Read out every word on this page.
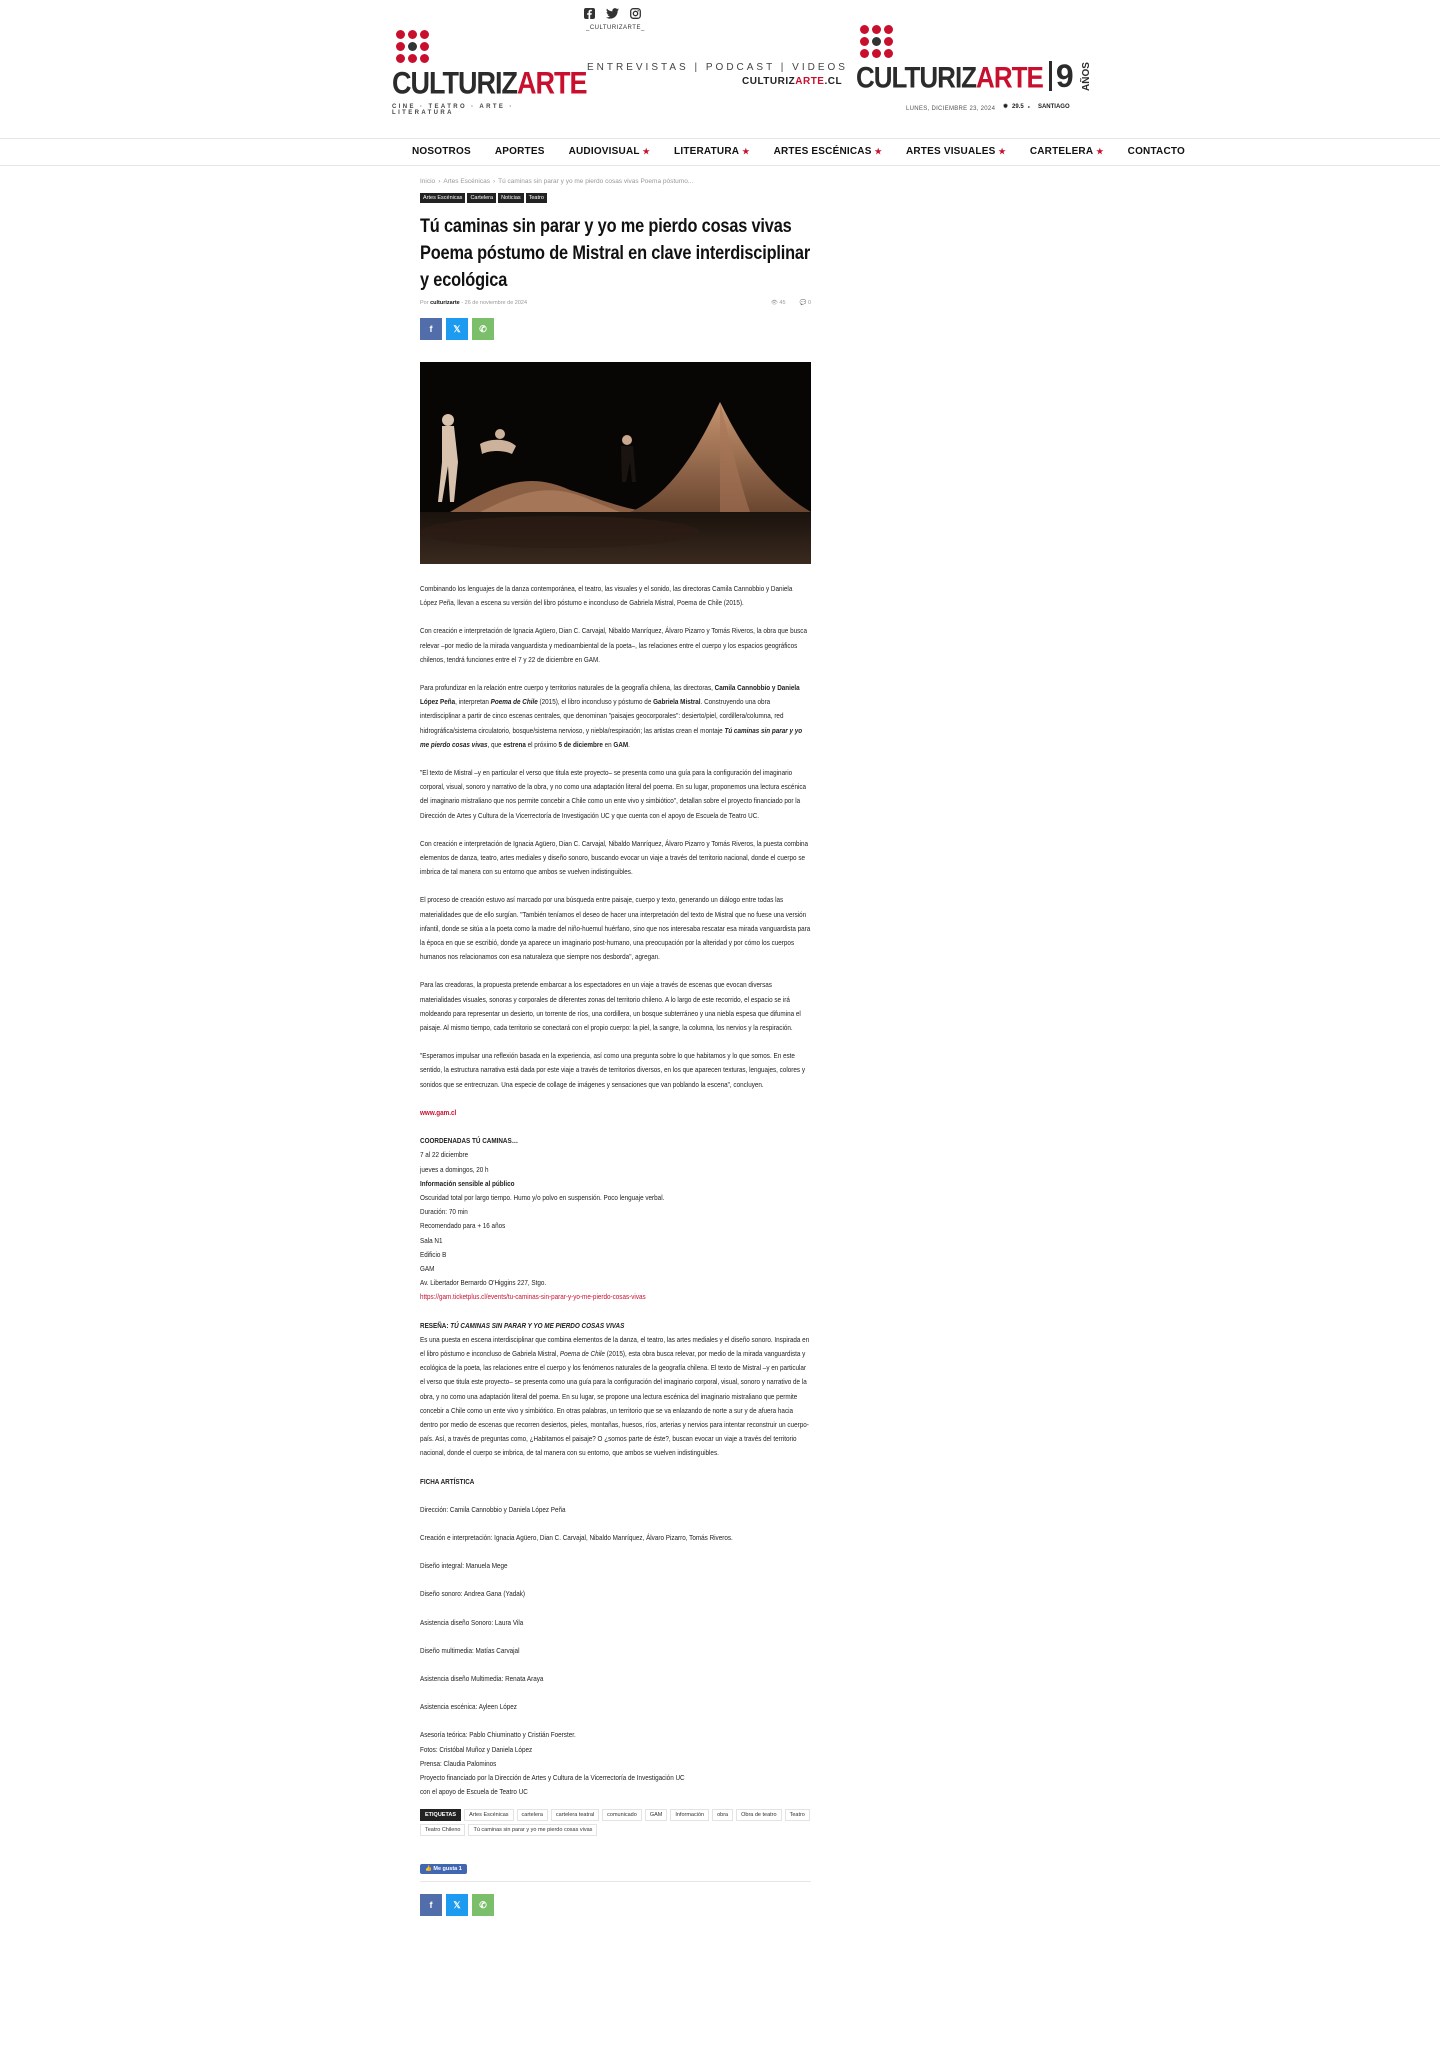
CULTURIZARTE
CINE · TEATRO · ARTE · LITERATURA
_CULTURIZARTE_
ENTREVISTAS | PODCAST | VIDEOS
CULTURIZARTE.CL CULTURIZARTE 9 AÑOS
LUNES, DICIEMBRE 23, 2024 ✹ 29.5 c SANTIAGO
NOSOTROS APORTES AUDIOVISUAL ★ LITERATURA ★ ARTES ESCÉNICAS ★ ARTES VISUALES ★ CARTELERA ★ CONTACTO
Inicio › Artes Escénicas › Tú caminas sin parar y yo me pierdo cosas vivas Poema póstumo...
Artes Escénicas	Cartelera	Noticias	Teatro
Tú caminas sin parar y yo me pierdo cosas vivas Poema póstumo de Mistral en clave interdisciplinar y ecológica
Por culturizarte - 26 de noviembre de 2024	👁 45	💬 0
f 𝕏 ✆

Combinando los lenguajes de la danza contemporánea, el teatro, las visuales y el sonido, las directoras Camila Cannobbio y Daniela López Peña, llevan a escena su versión del libro póstumo e inconcluso de Gabriela Mistral, Poema de Chile (2015).

Con creación e interpretación de Ignacia Agüero, Dian C. Carvajal, Nibaldo Manríquez, Álvaro Pizarro y Tomás Riveros, la obra que busca relevar –por medio de la mirada vanguardista y medioambiental de la poeta–, las relaciones entre el cuerpo y los espacios geográficos chilenos, tendrá funciones entre el 7 y 22 de diciembre en GAM.

Para profundizar en la relación entre cuerpo y territorios naturales de la geografía chilena, las directoras, Camila Cannobbio y Daniela López Peña, interpretan Poema de Chile (2015), el libro inconcluso y póstumo de Gabriela Mistral. Construyendo una obra interdisciplinar a partir de cinco escenas centrales, que denominan "paisajes geocorporales": desierto/piel, cordillera/columna, red hidrográfica/sistema circulatorio, bosque/sistema nervioso, y niebla/respiración; las artistas crean el montaje Tú caminas sin parar y yo me pierdo cosas vivas, que estrena el próximo 5 de diciembre en GAM.

"El texto de Mistral –y en particular el verso que titula este proyecto– se presenta como una guía para la configuración del imaginario corporal, visual, sonoro y narrativo de la obra, y no como una adaptación literal del poema. En su lugar, proponemos una lectura escénica del imaginario mistraliano que nos permite concebir a Chile como un ente vivo y simbiótico", detallan sobre el proyecto financiado por la Dirección de Artes y Cultura de la Vicerrectoría de Investigación UC y que cuenta con el apoyo de Escuela de Teatro UC.

Con creación e interpretación de Ignacia Agüero, Dian C. Carvajal, Nibaldo Manríquez, Álvaro Pizarro y Tomás Riveros, la puesta combina elementos de danza, teatro, artes mediales y diseño sonoro, buscando evocar un viaje a través del territorio nacional, donde el cuerpo se imbrica de tal manera con su entorno que ambos se vuelven indistinguibles.

El proceso de creación estuvo así marcado por una búsqueda entre paisaje, cuerpo y texto, generando un diálogo entre todas las materialidades que de ello surgían. "También teníamos el deseo de hacer una interpretación del texto de Mistral que no fuese una versión infantil, donde se sitúa a la poeta como la madre del niño-huemul huérfano, sino que nos interesaba rescatar esa mirada vanguardista para la época en que se escribió, donde ya aparece un imaginario post-humano, una preocupación por la alteridad y por cómo los cuerpos humanos nos relacionamos con esa naturaleza que siempre nos desborda", agregan.

Para las creadoras, la propuesta pretende embarcar a los espectadores en un viaje a través de escenas que evocan diversas materialidades visuales, sonoras y corporales de diferentes zonas del territorio chileno. A lo largo de este recorrido, el espacio se irá moldeando para representar un desierto, un torrente de ríos, una cordillera, un bosque subterráneo y una niebla espesa que difumina el paisaje. Al mismo tiempo, cada territorio se conectará con el propio cuerpo: la piel, la sangre, la columna, los nervios y la respiración.

"Esperamos impulsar una reflexión basada en la experiencia, así como una pregunta sobre lo que habitamos y lo que somos. En este sentido, la estructura narrativa está dada por este viaje a través de territorios diversos, en los que aparecen texturas, lenguajes, colores y sonidos que se entrecruzan. Una especie de collage de imágenes y sensaciones que van poblando la escena", concluyen.

www.gam.cl

COORDENADAS TÚ CAMINAS…

7 al 22 diciembre

jueves a domingos, 20 h

Información sensible al público

Oscuridad total por largo tiempo. Humo y/o polvo en suspensión. Poco lenguaje verbal.

Duración: 70 min

Recomendado para + 16 años

Sala N1

Edificio B

GAM

Av. Libertador Bernardo O'Higgins 227, Stgo.

https://gam.ticketplus.cl/events/tu-caminas-sin-parar-y-yo-me-pierdo-cosas-vivas

RESEÑA: TÚ CAMINAS SIN PARAR Y YO ME PIERDO COSAS VIVAS

Es una puesta en escena interdisciplinar que combina elementos de la danza, el teatro, las artes mediales y el diseño sonoro. Inspirada en el libro póstumo e inconcluso de Gabriela Mistral, Poema de Chile (2015), esta obra busca relevar, por medio de la mirada vanguardista y ecológica de la poeta, las relaciones entre el cuerpo y los fenómenos naturales de la geografía chilena. El texto de Mistral –y en particular el verso que titula este proyecto– se presenta como una guía para la configuración del imaginario corporal, visual, sonoro y narrativo de la obra, y no como una adaptación literal del poema. En su lugar, se propone una lectura escénica del imaginario mistraliano que permite concebir a Chile como un ente vivo y simbiótico. En otras palabras, un territorio que se va enlazando de norte a sur y de afuera hacia dentro por medio de escenas que recorren desiertos, pieles, montañas, huesos, ríos, arterias y nervios para intentar reconstruir un cuerpo-país. Así, a través de preguntas como, ¿Habitamos el paisaje? O ¿somos parte de éste?, buscan evocar un viaje a través del territorio nacional, donde el cuerpo se imbrica, de tal manera con su entorno, que ambos se vuelven indistinguibles.

FICHA ARTÍSTICA

Dirección: Camila Cannobbio y Daniela López Peña

Creación e interpretación: Ignacia Agüero, Dian C. Carvajal, Nibaldo Manríquez, Álvaro Pizarro, Tomás Riveros.

Diseño integral: Manuela Mege

Diseño sonoro: Andrea Gana (Yadak)

Asistencia diseño Sonoro: Laura Vila

Diseño multimedia: Matías Carvajal

Asistencia diseño Multimedia: Renata Araya

Asistencia escénica: Ayleen López

Asesoría teórica: Pablo Chiuminatto y Cristián Foerster.

Fotos: Cristóbal Muñoz y Daniela López

Prensa: Claudia Palominos

Proyecto financiado por la Dirección de Artes y Cultura de la Vicerrectoría de Investigación UC

con el apoyo de Escuela de Teatro UC

ETIQUETAS	Artes Escénicas	cartelera	cartelera teatral	comunicado	GAM	Información	obra	Obra de teatro	Teatro
Teatro Chileno	Tú caminas sin parar y yo me pierdo cosas vivas
👍 Me gusta 1
f 𝕏 ✆
